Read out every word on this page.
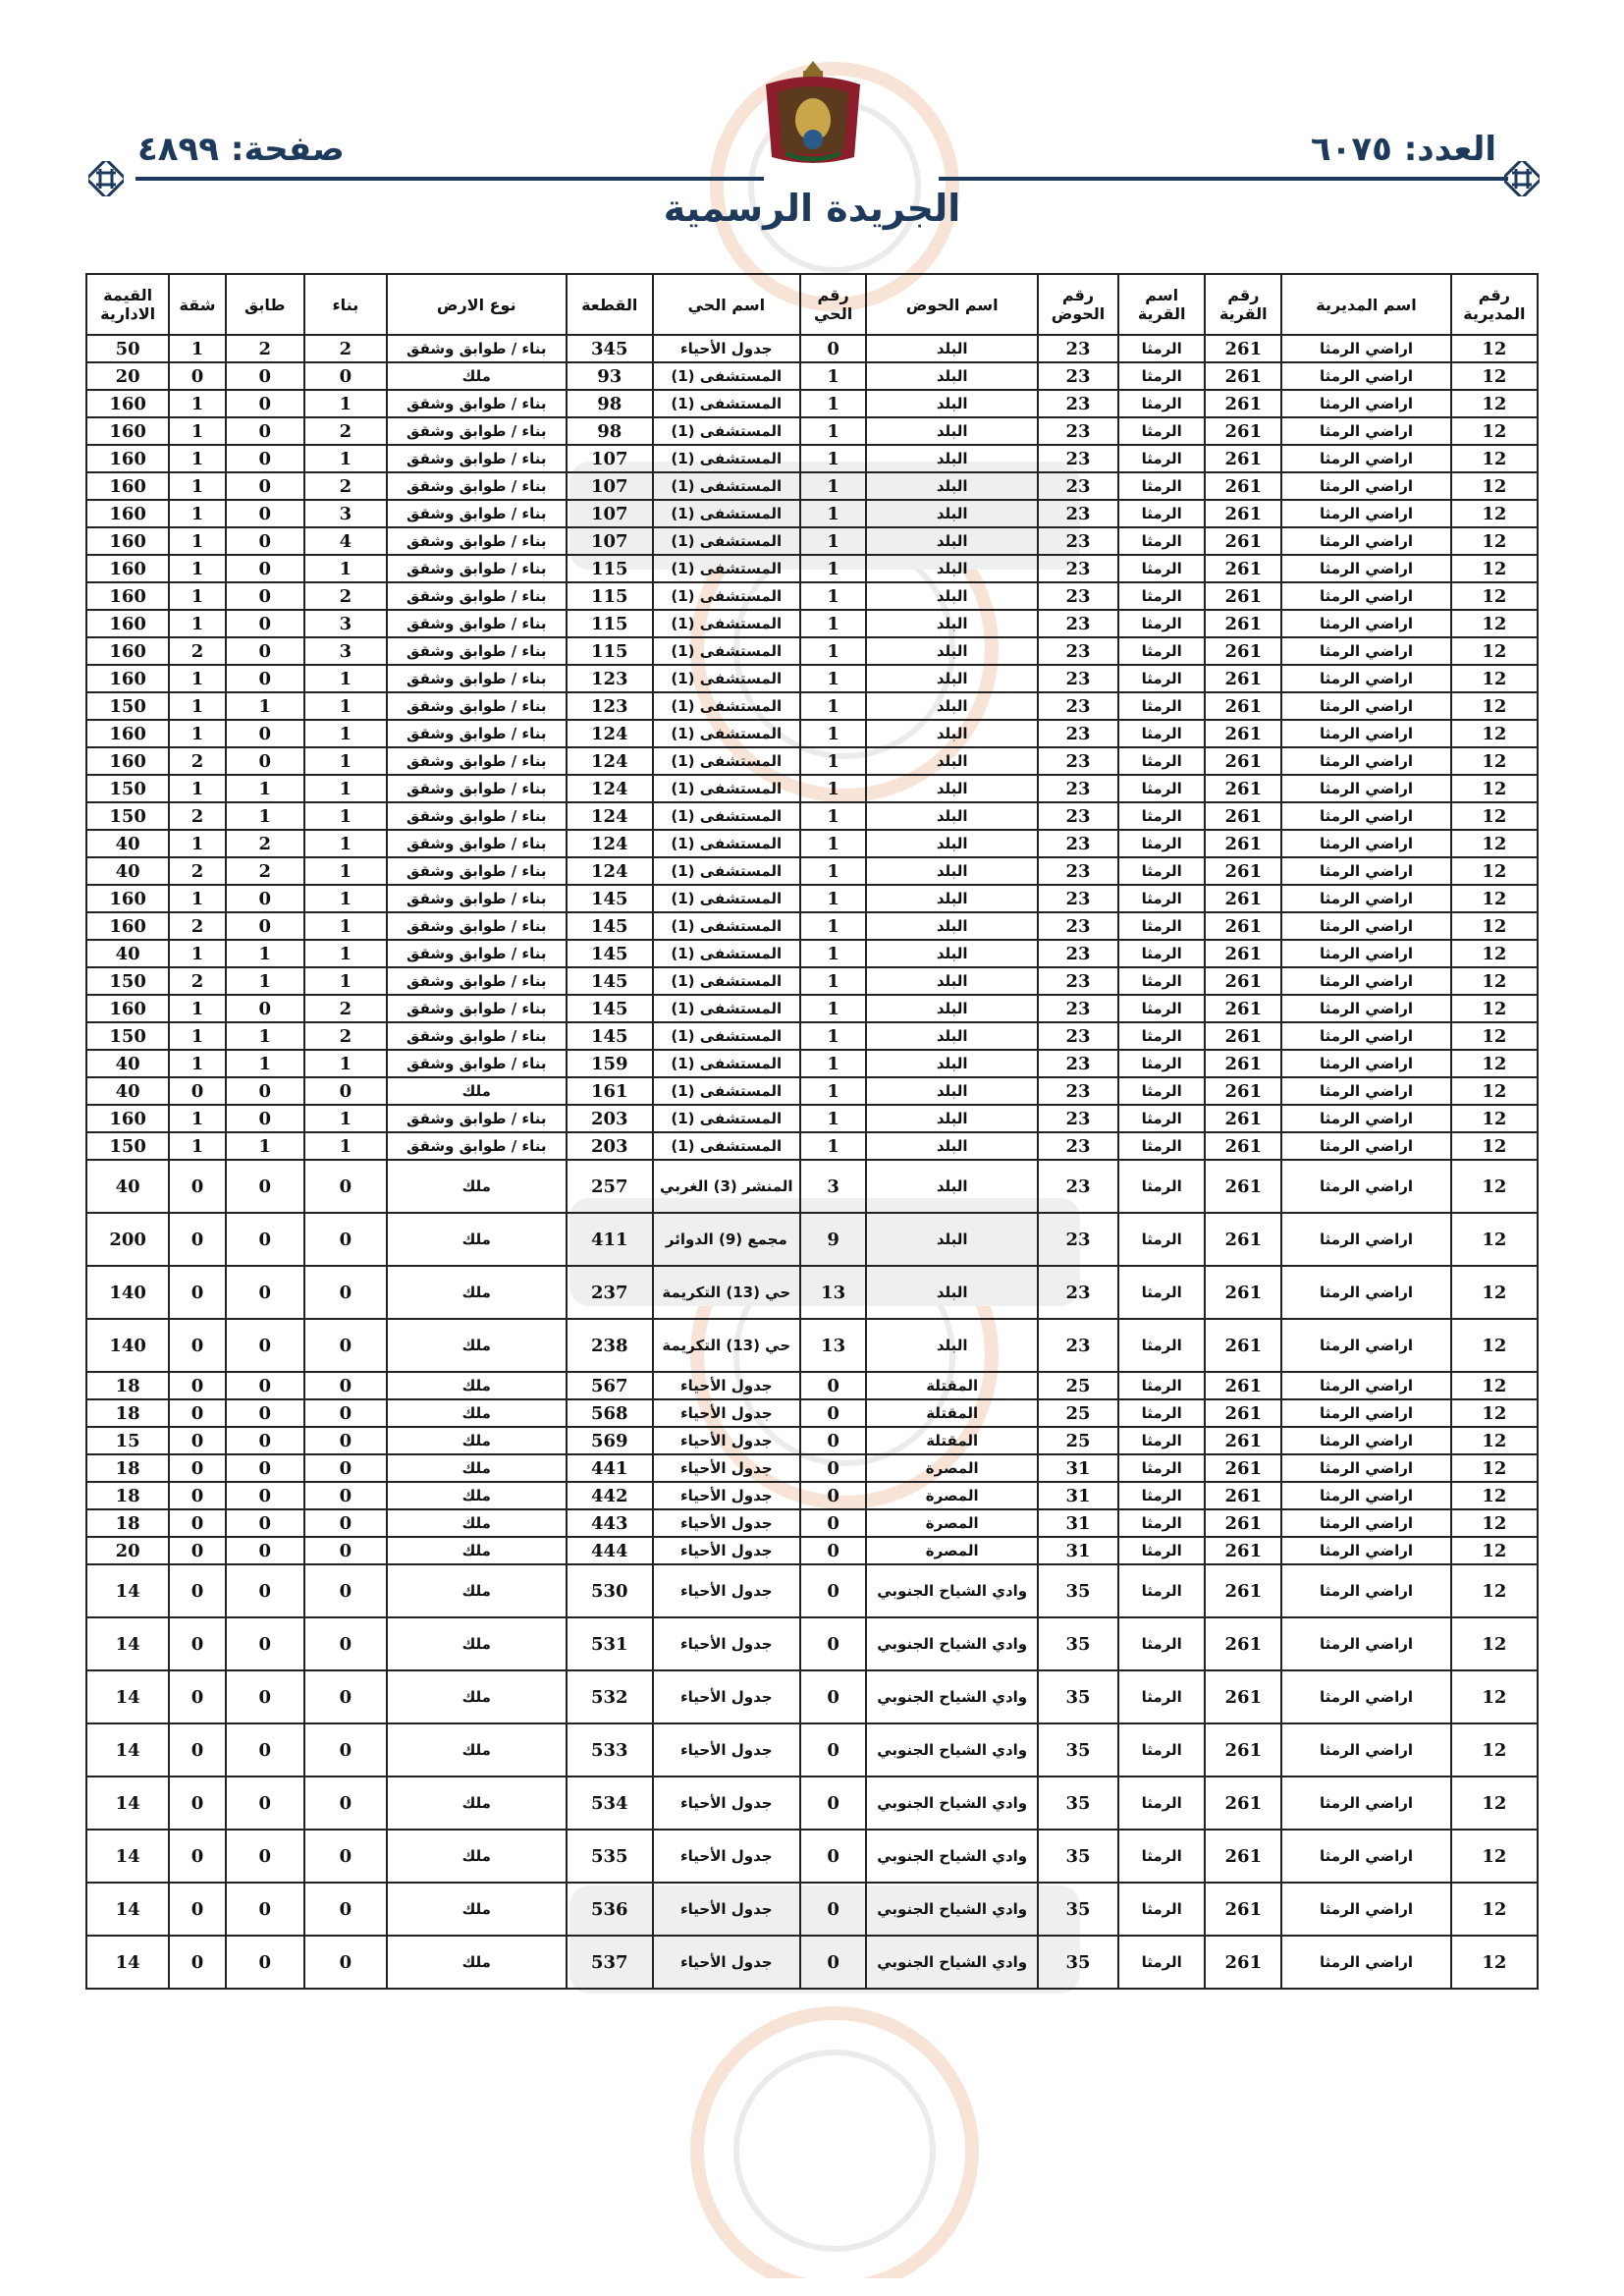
العدد: ٦٠٧٥
صفحة: ٤٨٩٩
الجريدة الرسمية
رقم المديرية	اسم المديرية	رقم القرية	اسم القرية	رقم الحوض	اسم الحوض	رقم الحي	اسم الحي	القطعة	نوع الارض	بناء	طابق	شقة	القيمة الادارية
12	اراضي الرمثا	261	الرمثا	23	البلد	0	جدول الأحياء	345	بناء / طوابق وشقق	2	2	1	50
12	اراضي الرمثا	261	الرمثا	23	البلد	1	المستشفى (1)	93	ملك	0	0	0	20
12	اراضي الرمثا	261	الرمثا	23	البلد	1	المستشفى (1)	98	بناء / طوابق وشقق	1	0	1	160
12	اراضي الرمثا	261	الرمثا	23	البلد	1	المستشفى (1)	98	بناء / طوابق وشقق	2	0	1	160
12	اراضي الرمثا	261	الرمثا	23	البلد	1	المستشفى (1)	107	بناء / طوابق وشقق	1	0	1	160
12	اراضي الرمثا	261	الرمثا	23	البلد	1	المستشفى (1)	107	بناء / طوابق وشقق	2	0	1	160
12	اراضي الرمثا	261	الرمثا	23	البلد	1	المستشفى (1)	107	بناء / طوابق وشقق	3	0	1	160
12	اراضي الرمثا	261	الرمثا	23	البلد	1	المستشفى (1)	107	بناء / طوابق وشقق	4	0	1	160
12	اراضي الرمثا	261	الرمثا	23	البلد	1	المستشفى (1)	115	بناء / طوابق وشقق	1	0	1	160
12	اراضي الرمثا	261	الرمثا	23	البلد	1	المستشفى (1)	115	بناء / طوابق وشقق	2	0	1	160
12	اراضي الرمثا	261	الرمثا	23	البلد	1	المستشفى (1)	115	بناء / طوابق وشقق	3	0	1	160
12	اراضي الرمثا	261	الرمثا	23	البلد	1	المستشفى (1)	115	بناء / طوابق وشقق	3	0	2	160
12	اراضي الرمثا	261	الرمثا	23	البلد	1	المستشفى (1)	123	بناء / طوابق وشقق	1	0	1	160
12	اراضي الرمثا	261	الرمثا	23	البلد	1	المستشفى (1)	123	بناء / طوابق وشقق	1	1	1	150
12	اراضي الرمثا	261	الرمثا	23	البلد	1	المستشفى (1)	124	بناء / طوابق وشقق	1	0	1	160
12	اراضي الرمثا	261	الرمثا	23	البلد	1	المستشفى (1)	124	بناء / طوابق وشقق	1	0	2	160
12	اراضي الرمثا	261	الرمثا	23	البلد	1	المستشفى (1)	124	بناء / طوابق وشقق	1	1	1	150
12	اراضي الرمثا	261	الرمثا	23	البلد	1	المستشفى (1)	124	بناء / طوابق وشقق	1	1	2	150
12	اراضي الرمثا	261	الرمثا	23	البلد	1	المستشفى (1)	124	بناء / طوابق وشقق	1	2	1	40
12	اراضي الرمثا	261	الرمثا	23	البلد	1	المستشفى (1)	124	بناء / طوابق وشقق	1	2	2	40
12	اراضي الرمثا	261	الرمثا	23	البلد	1	المستشفى (1)	145	بناء / طوابق وشقق	1	0	1	160
12	اراضي الرمثا	261	الرمثا	23	البلد	1	المستشفى (1)	145	بناء / طوابق وشقق	1	0	2	160
12	اراضي الرمثا	261	الرمثا	23	البلد	1	المستشفى (1)	145	بناء / طوابق وشقق	1	1	1	40
12	اراضي الرمثا	261	الرمثا	23	البلد	1	المستشفى (1)	145	بناء / طوابق وشقق	1	1	2	150
12	اراضي الرمثا	261	الرمثا	23	البلد	1	المستشفى (1)	145	بناء / طوابق وشقق	2	0	1	160
12	اراضي الرمثا	261	الرمثا	23	البلد	1	المستشفى (1)	145	بناء / طوابق وشقق	2	1	1	150
12	اراضي الرمثا	261	الرمثا	23	البلد	1	المستشفى (1)	159	بناء / طوابق وشقق	1	1	1	40
12	اراضي الرمثا	261	الرمثا	23	البلد	1	المستشفى (1)	161	ملك	0	0	0	40
12	اراضي الرمثا	261	الرمثا	23	البلد	1	المستشفى (1)	203	بناء / طوابق وشقق	1	0	1	160
12	اراضي الرمثا	261	الرمثا	23	البلد	1	المستشفى (1)	203	بناء / طوابق وشقق	1	1	1	150
12	اراضي الرمثا	261	الرمثا	23	البلد	3	المنشر (3) الغربي	257	ملك	0	0	0	40
12	اراضي الرمثا	261	الرمثا	23	البلد	9	مجمع (9) الدوائر	411	ملك	0	0	0	200
12	اراضي الرمثا	261	الرمثا	23	البلد	13	حي (13) التكريمة	237	ملك	0	0	0	140
12	اراضي الرمثا	261	الرمثا	23	البلد	13	حي (13) التكريمة	238	ملك	0	0	0	140
12	اراضي الرمثا	261	الرمثا	25	المقتلة	0	جدول الأحياء	567	ملك	0	0	0	18
12	اراضي الرمثا	261	الرمثا	25	المقتلة	0	جدول الأحياء	568	ملك	0	0	0	18
12	اراضي الرمثا	261	الرمثا	25	المقتلة	0	جدول الأحياء	569	ملك	0	0	0	15
12	اراضي الرمثا	261	الرمثا	31	المصرة	0	جدول الأحياء	441	ملك	0	0	0	18
12	اراضي الرمثا	261	الرمثا	31	المصرة	0	جدول الأحياء	442	ملك	0	0	0	18
12	اراضي الرمثا	261	الرمثا	31	المصرة	0	جدول الأحياء	443	ملك	0	0	0	18
12	اراضي الرمثا	261	الرمثا	31	المصرة	0	جدول الأحياء	444	ملك	0	0	0	20
12	اراضي الرمثا	261	الرمثا	35	وادي الشياح الجنوبي	0	جدول الأحياء	530	ملك	0	0	0	14
12	اراضي الرمثا	261	الرمثا	35	وادي الشياح الجنوبي	0	جدول الأحياء	531	ملك	0	0	0	14
12	اراضي الرمثا	261	الرمثا	35	وادي الشياح الجنوبي	0	جدول الأحياء	532	ملك	0	0	0	14
12	اراضي الرمثا	261	الرمثا	35	وادي الشياح الجنوبي	0	جدول الأحياء	533	ملك	0	0	0	14
12	اراضي الرمثا	261	الرمثا	35	وادي الشياح الجنوبي	0	جدول الأحياء	534	ملك	0	0	0	14
12	اراضي الرمثا	261	الرمثا	35	وادي الشياح الجنوبي	0	جدول الأحياء	535	ملك	0	0	0	14
12	اراضي الرمثا	261	الرمثا	35	وادي الشياح الجنوبي	0	جدول الأحياء	536	ملك	0	0	0	14
12	اراضي الرمثا	261	الرمثا	35	وادي الشياح الجنوبي	0	جدول الأحياء	537	ملك	0	0	0	14
